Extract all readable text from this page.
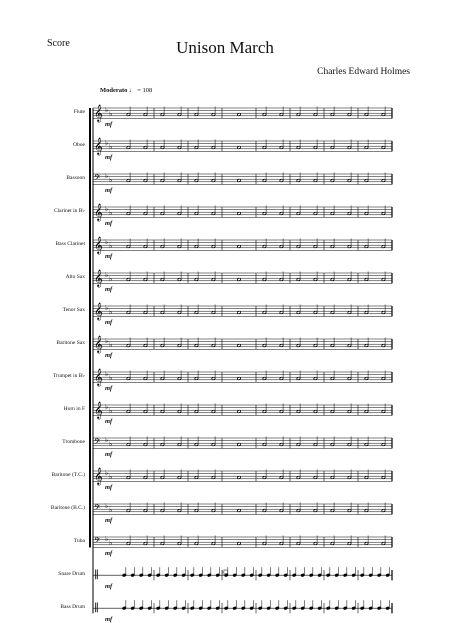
Score	Unison March
Charles Edward Holmes
Moderato ♩ = 108
Flute
Oboe
Bassoon
Clarinet in B♭
Bass Clarinet
Alto Sax
Tenor Sax
Baritone Sax
Trumpet in B♭
Horn in F
Trombone
Baritone (T.C.)
Baritone (B.C.)
Tuba
Snare Drum
Bass Drum
mf
mf
mf
mf
mf
mf
mf
mf
mf
mf
mf
mf
mf
mf
mf
mf
𝄞 ♭ ♭
𝄞 ♭ ♭
𝄢 ♭ ♭
𝄞 ♭ ♭
𝄞 ♭ ♭
𝄞 ♭ ♭
𝄞 ♭ ♭
𝄞 ♭ ♭
𝄞 ♭ ♭
𝄞 ♭ ♭
𝄢 ♭ ♭
𝄞 ♭ ♭
𝄢 ♭ ♭
𝄢 ♭ ♭
‖
‖
©
